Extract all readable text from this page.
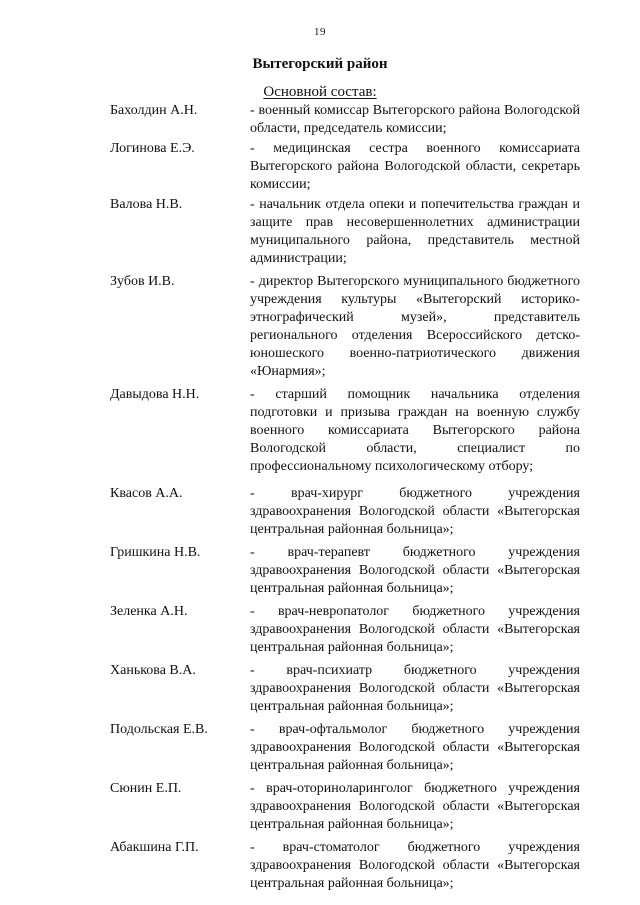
19
Вытегорский район
Основной состав:
Бахолдин А.Н.	- военный комиссар Вытегорского района Вологодской области, председатель комиссии;
Логинова Е.Э.	- медицинская сестра военного комиссариата Вытегорского района Вологодской области, секретарь комиссии;
Валова Н.В.	- начальник отдела опеки и попечительства граждан и защите прав несовершеннолетних администрации муниципального района, представитель местной администрации;
Зубов И.В.	- директор Вытегорского муниципального бюджетного учреждения культуры «Вытегорский историко-этнографический музей», представитель регионального отделения Всероссийского детско-юношеского военно-патриотического движения «Юнармия»;
Давыдова Н.Н.	- старший помощник начальника отделения подготовки и призыва граждан на военную службу военного комиссариата Вытегорского района Вологодской области, специалист по профессиональному психологическому отбору;
Квасов А.А.	- врач-хирург бюджетного учреждения здравоохранения Вологодской области «Вытегорская центральная районная больница»;
Гришкина Н.В.	- врач-терапевт бюджетного учреждения здравоохранения Вологодской области «Вытегорская центральная районная больница»;
Зеленка А.Н.	- врач-невропатолог бюджетного учреждения здравоохранения Вологодской области «Вытегорская центральная районная больница»;
Ханькова В.А.	- врач-психиатр бюджетного учреждения здравоохранения Вологодской области «Вытегорская центральная районная больница»;
Подольская Е.В.	- врач-офтальмолог бюджетного учреждения здравоохранения Вологодской области «Вытегорская центральная районная больница»;
Сюнин Е.П.	- врач-оториноларинголог бюджетного учреждения здравоохранения Вологодской области «Вытегорская центральная районная больница»;
Абакшина Г.П.	- врач-стоматолог бюджетного учреждения здравоохранения Вологодской области «Вытегорская центральная районная больница»;
